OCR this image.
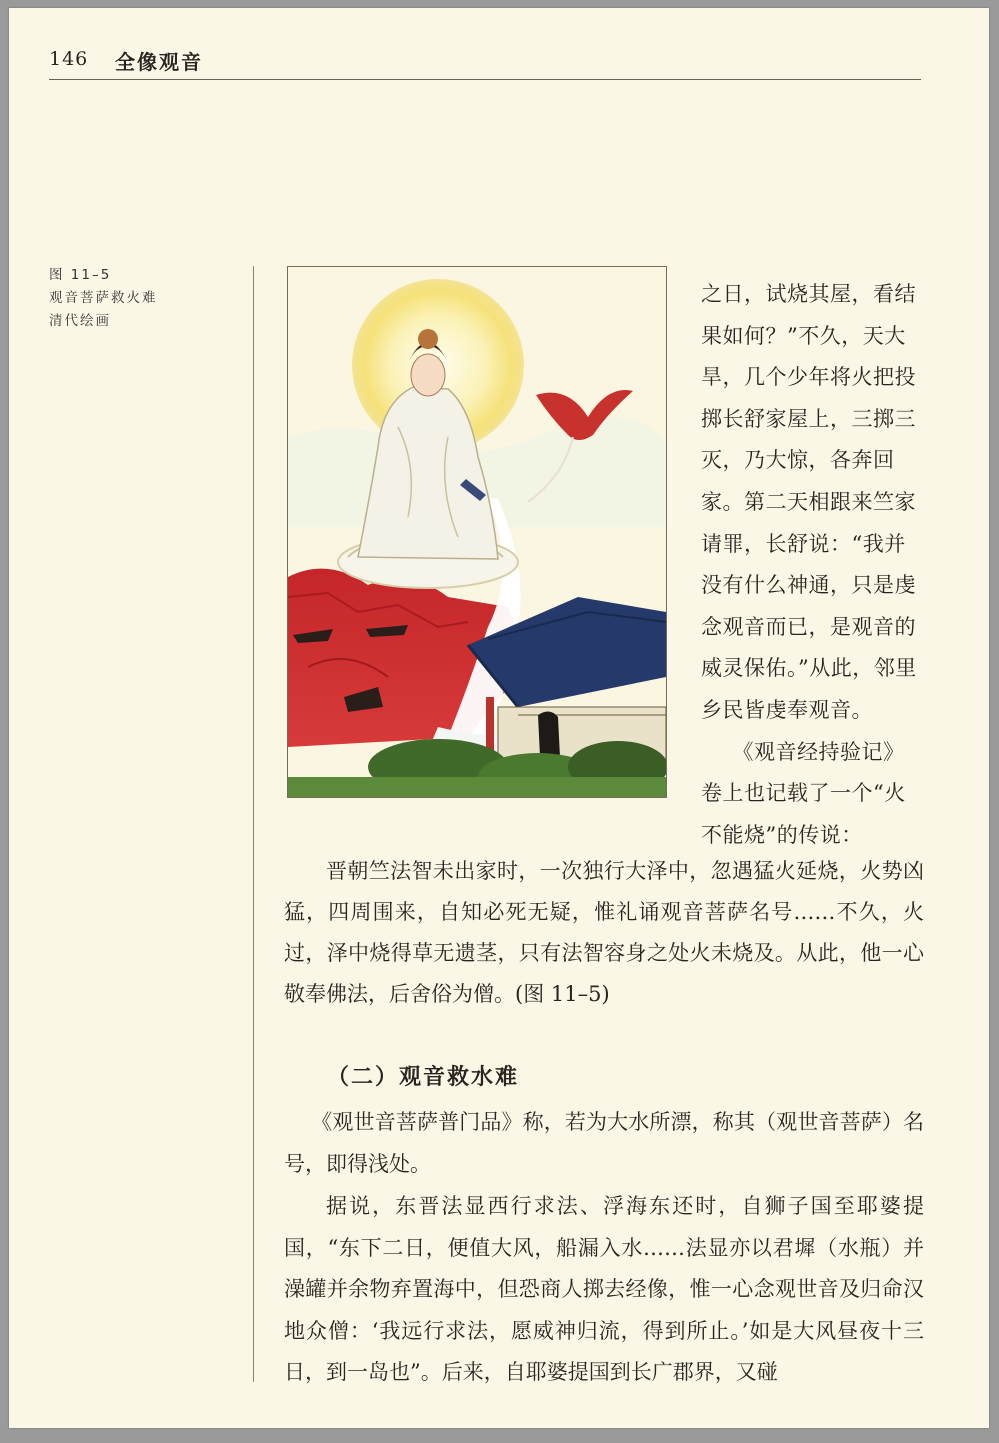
146 全像观音
图 11–5
观音菩萨救火难
清代绘画

之日，试烧其屋，看结果如何？”不久，天大旱，几个少年将火把投掷长舒家屋上，三掷三灭，乃大惊，各奔回家。第二天相跟来竺家请罪，长舒说：“我并没有什么神通，只是虔念观音而已，是观音的威灵保佑。”从此，邻里乡民皆虔奉观音。

《观音经持验记》卷上也记载了一个“火不能烧”的传说：

晋朝竺法智未出家时，一次独行大泽中，忽遇猛火延烧，火势凶猛，四周围来，自知必死无疑，惟礼诵观音菩萨名号……不久，火过，泽中烧得草无遗茎，只有法智容身之处火未烧及。从此，他一心敬奉佛法，后舍俗为僧。(图 11–5)

（二）观音救水难

《观世音菩萨普门品》称，若为大水所漂，称其（观世音菩萨）名号，即得浅处。

据说，东晋法显西行求法、浮海东还时，自狮子国至耶婆提国，“东下二日，便值大风，船漏入水……法显亦以君墀（水瓶）并澡罐并余物弃置海中，但恐商人掷去经像，惟一心念观世音及归命汉地众僧：‘我远行求法，愿威神归流，得到所止。’如是大风昼夜十三日，到一岛也”。后来，自耶婆提国到长广郡界，又碰
